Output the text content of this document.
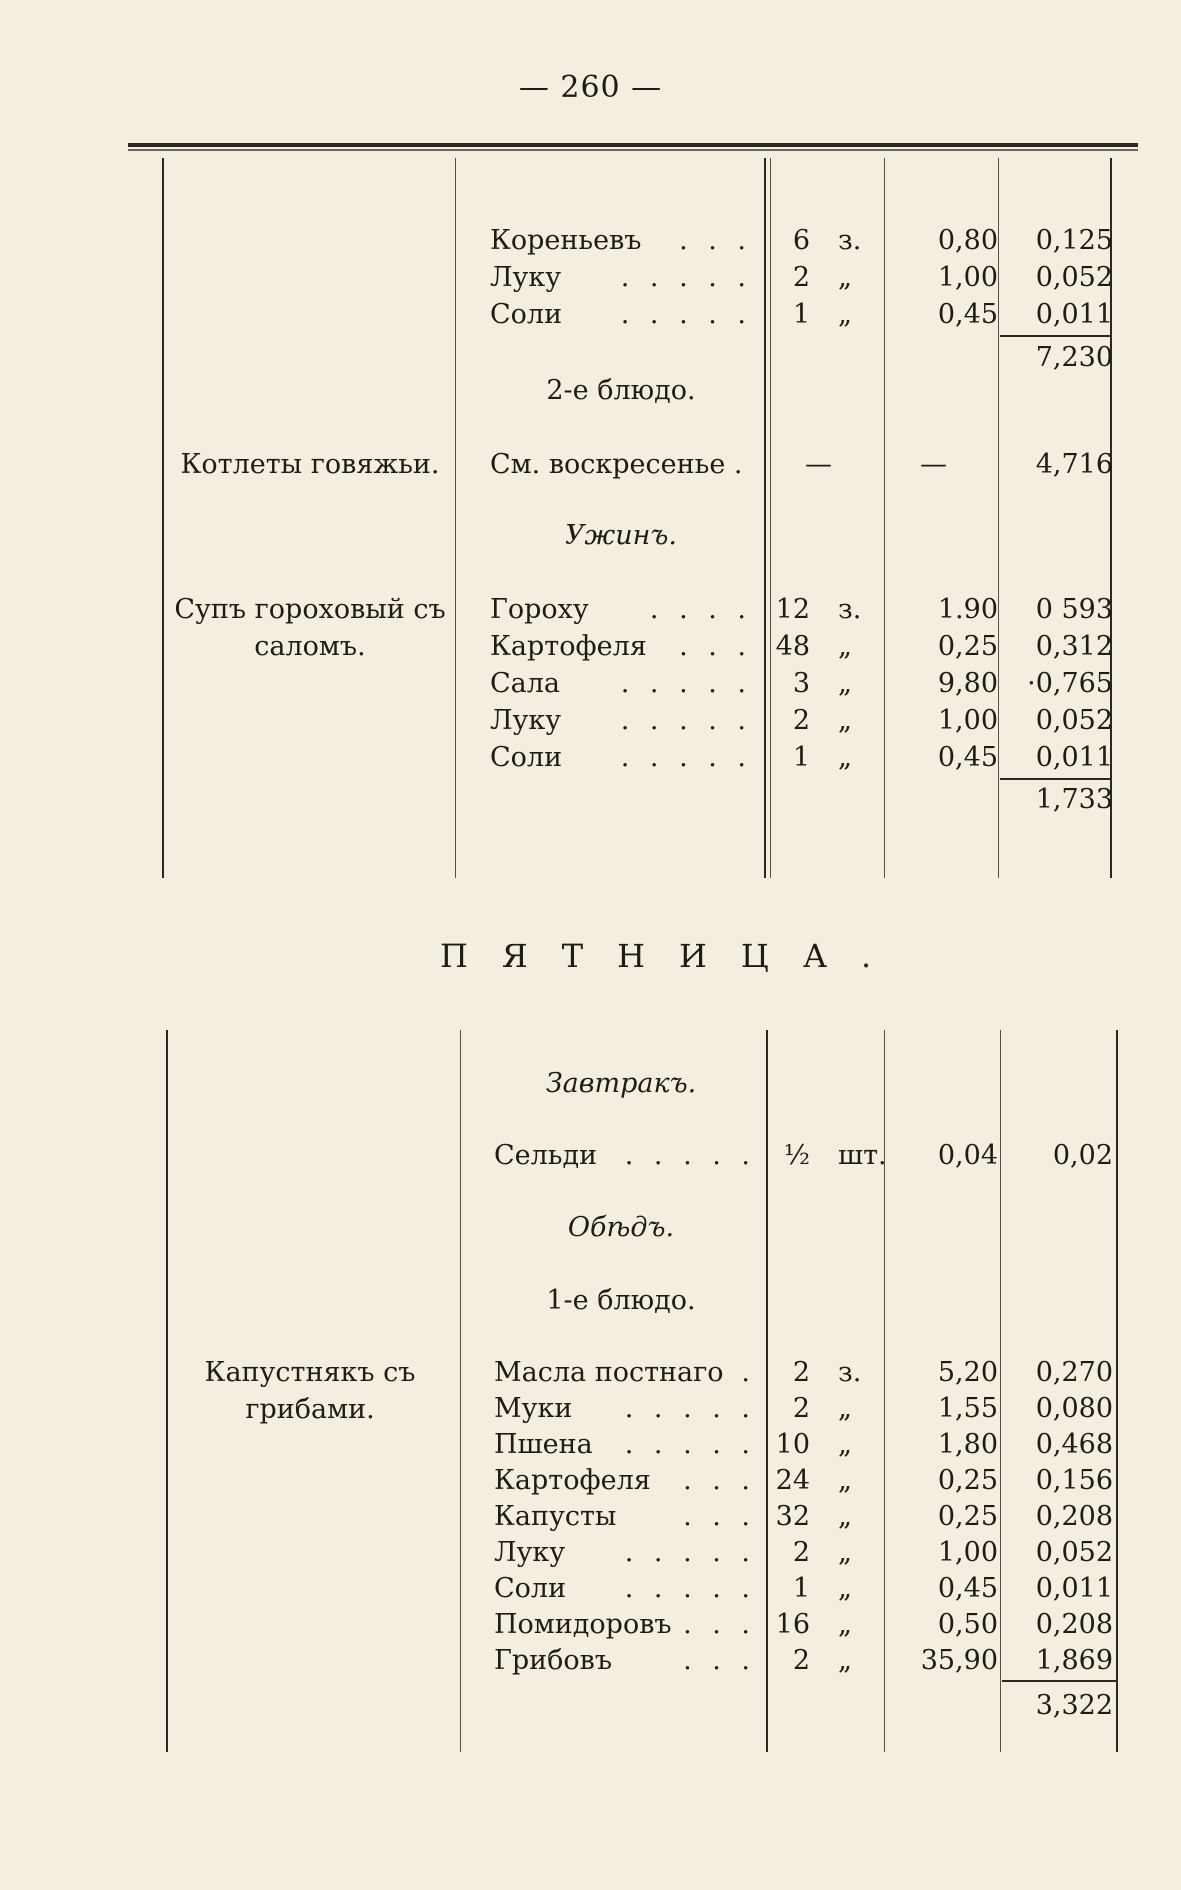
— 260 —
Кореньевъ . . . 6 з.	0,80	0,125
Луку . . . . . 2 „	1,00	0,052
Соли . . . . . 1 „	0,45	0,011
7,230
2-е блюдо.
Котлеты говяжьи.	См. воскресенье .	—	—	4,716
Ужинъ.
Супъ гороховый съ
саломъ.
Гороху . . . . 12 з.	1.90	0 593
Картофеля . . . 48 „	0,25	0,312
Сала . . . . . 3 „	9,80	·0,765
Луку . . . . . 2 „	1,00	0,052
Соли . . . . . 1 „	0,45	0,011
1,733
ПЯТНИЦА.
Завтракъ.
Сельди . . . . . ½ шт.	0,04	0,02
Обѣдъ.
1-е блюдо.
Капустнякъ съ
грибами.
Масла постнаго . 2 з.	5,20	0,270
Муки . . . . . 2 „	1,55	0,080
Пшена . . . . . 10 „	1,80	0,468
Картофеля . . . 24 „	0,25	0,156
Капусты . . . 32 „	0,25	0,208
Луку . . . . . 2 „	1,00	0,052
Соли . . . . . 1 „	0,45	0,011
Помидоровъ . . . 16 „	0,50	0,208
Грибовъ	. . . 2 „	35,90	1,869
3,322
